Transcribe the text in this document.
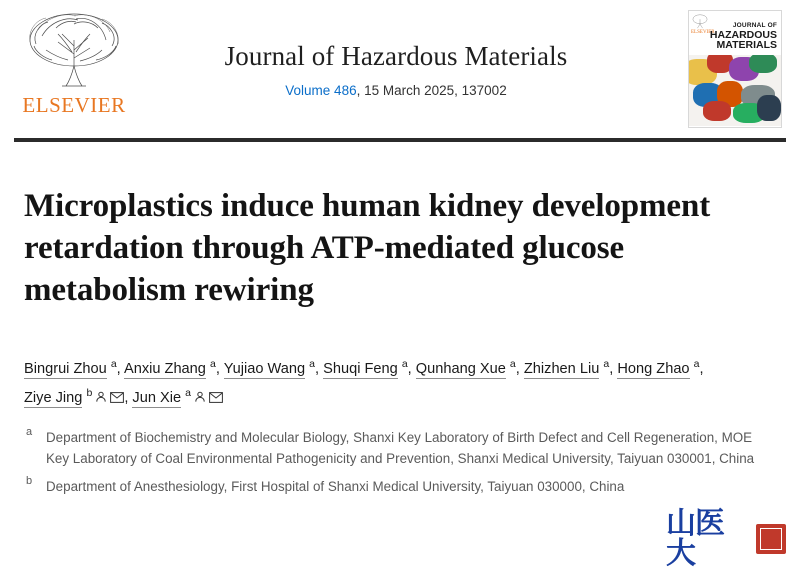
ELSEVIER
Journal of Hazardous Materials
Volume 486, 15 March 2025, 137002
ELSEVIER
JOURNAL OF
HAZARDOUS
MATERIALS
Microplastics induce human kidney development retardation through ATP-mediated glucose metabolism rewiring
Bingrui Zhou $^a$, Anxiu Zhang $^a$, Yujiao Wang $^a$, Shuqi Feng $^a$, Qunhang Xue $^a$, Zhizhen Liu $^a$, Hong Zhao $^a$, Ziye Jing $^b$ , Jun Xie $^a$
a Department of Biochemistry and Molecular Biology, Shanxi Key Laboratory of Birth Defect and Cell Regeneration, MOE Key Laboratory of Coal Environmental Pathogenicity and Prevention, Shanxi Medical University, Taiyuan 030001, China
b Department of Anesthesiology, First Hospital of Shanxi Medical University, Taiyuan 030000, China
山医大
